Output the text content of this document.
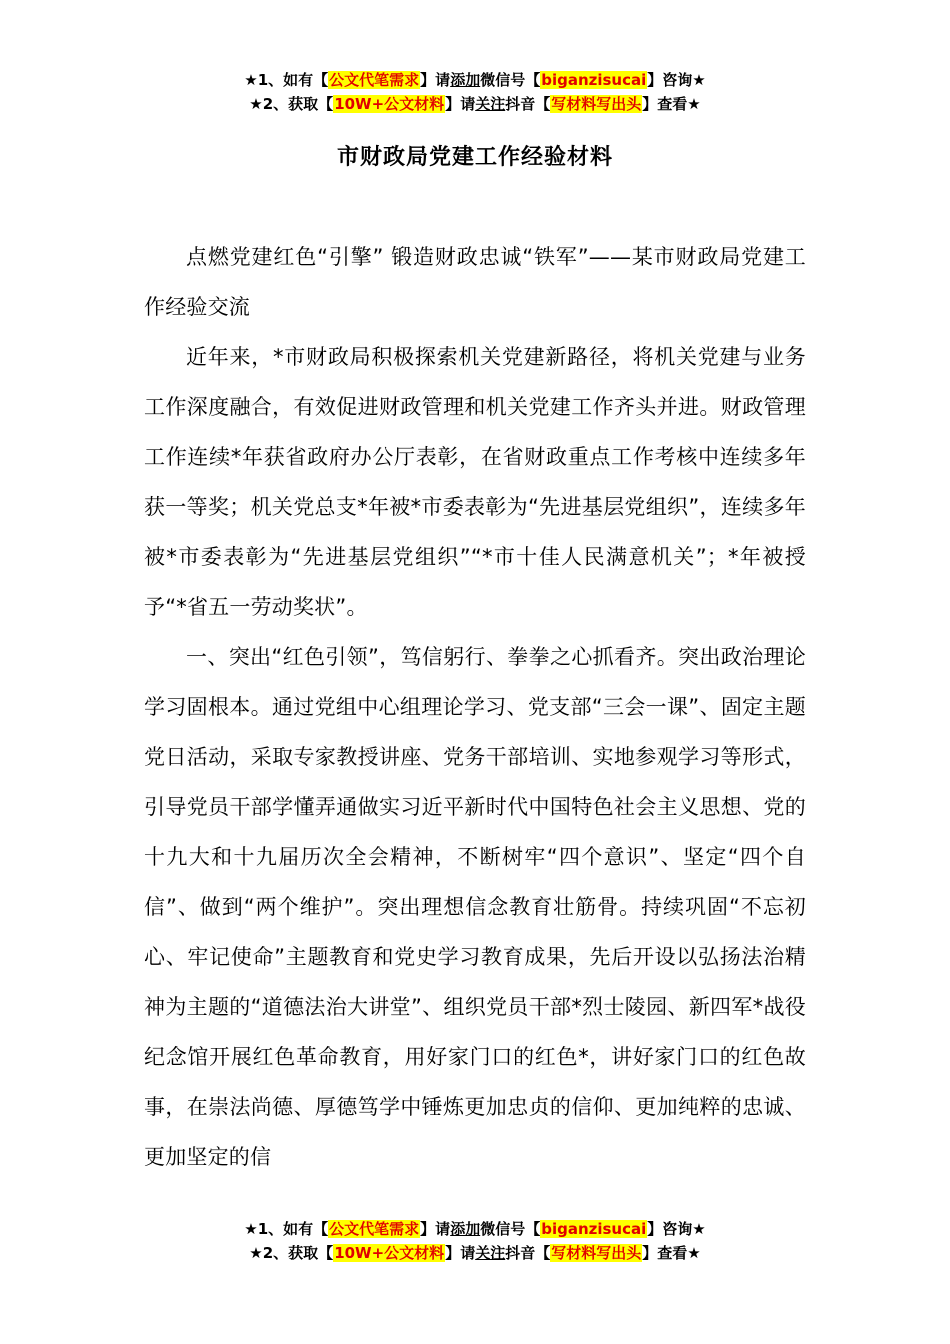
★1、如有【公文代笔需求】请添加微信号【biganzisucai】咨询★
★2、获取【10W+公文材料】请关注抖音【写材料写出头】查看★
市财政局党建工作经验材料

点燃党建红色“引擎” 锻造财政忠诚“铁军”——某市财政局党建工作经验交流

近年来，*市财政局积极探索机关党建新路径，将机关党建与业务工作深度融合，有效促进财政管理和机关党建工作齐头并进。财政管理工作连续*年获省政府办公厅表彰，在省财政重点工作考核中连续多年获一等奖；机关党总支*年被*市委表彰为“先进基层党组织”，连续多年被*市委表彰为“先进基层党组织”“*市十佳人民满意机关”；*年被授予“*省五一劳动奖状”。

一、突出“红色引领”，笃信躬行、拳拳之心抓看齐。突出政治理论学习固根本。通过党组中心组理论学习、党支部“三会一课”、固定主题党日活动，采取专家教授讲座、党务干部培训、实地参观学习等形式，引导党员干部学懂弄通做实习近平新时代中国特色社会主义思想、党的十九大和十九届历次全会精神，不断树牢“四个意识”、坚定“四个自信”、做到“两个维护”。突出理想信念教育壮筋骨。持续巩固“不忘初心、牢记使命”主题教育和党史学习教育成果，先后开设以弘扬法治精神为主题的“道德法治大讲堂”、组织党员干部*烈士陵园、新四军*战役纪念馆开展红色革命教育，用好家门口的红色*，讲好家门口的红色故事，在崇法尚德、厚德笃学中锤炼更加忠贞的信仰、更加纯粹的忠诚、更加坚定的信

★1、如有【公文代笔需求】请添加微信号【biganzisucai】咨询★
★2、获取【10W+公文材料】请关注抖音【写材料写出头】查看★
